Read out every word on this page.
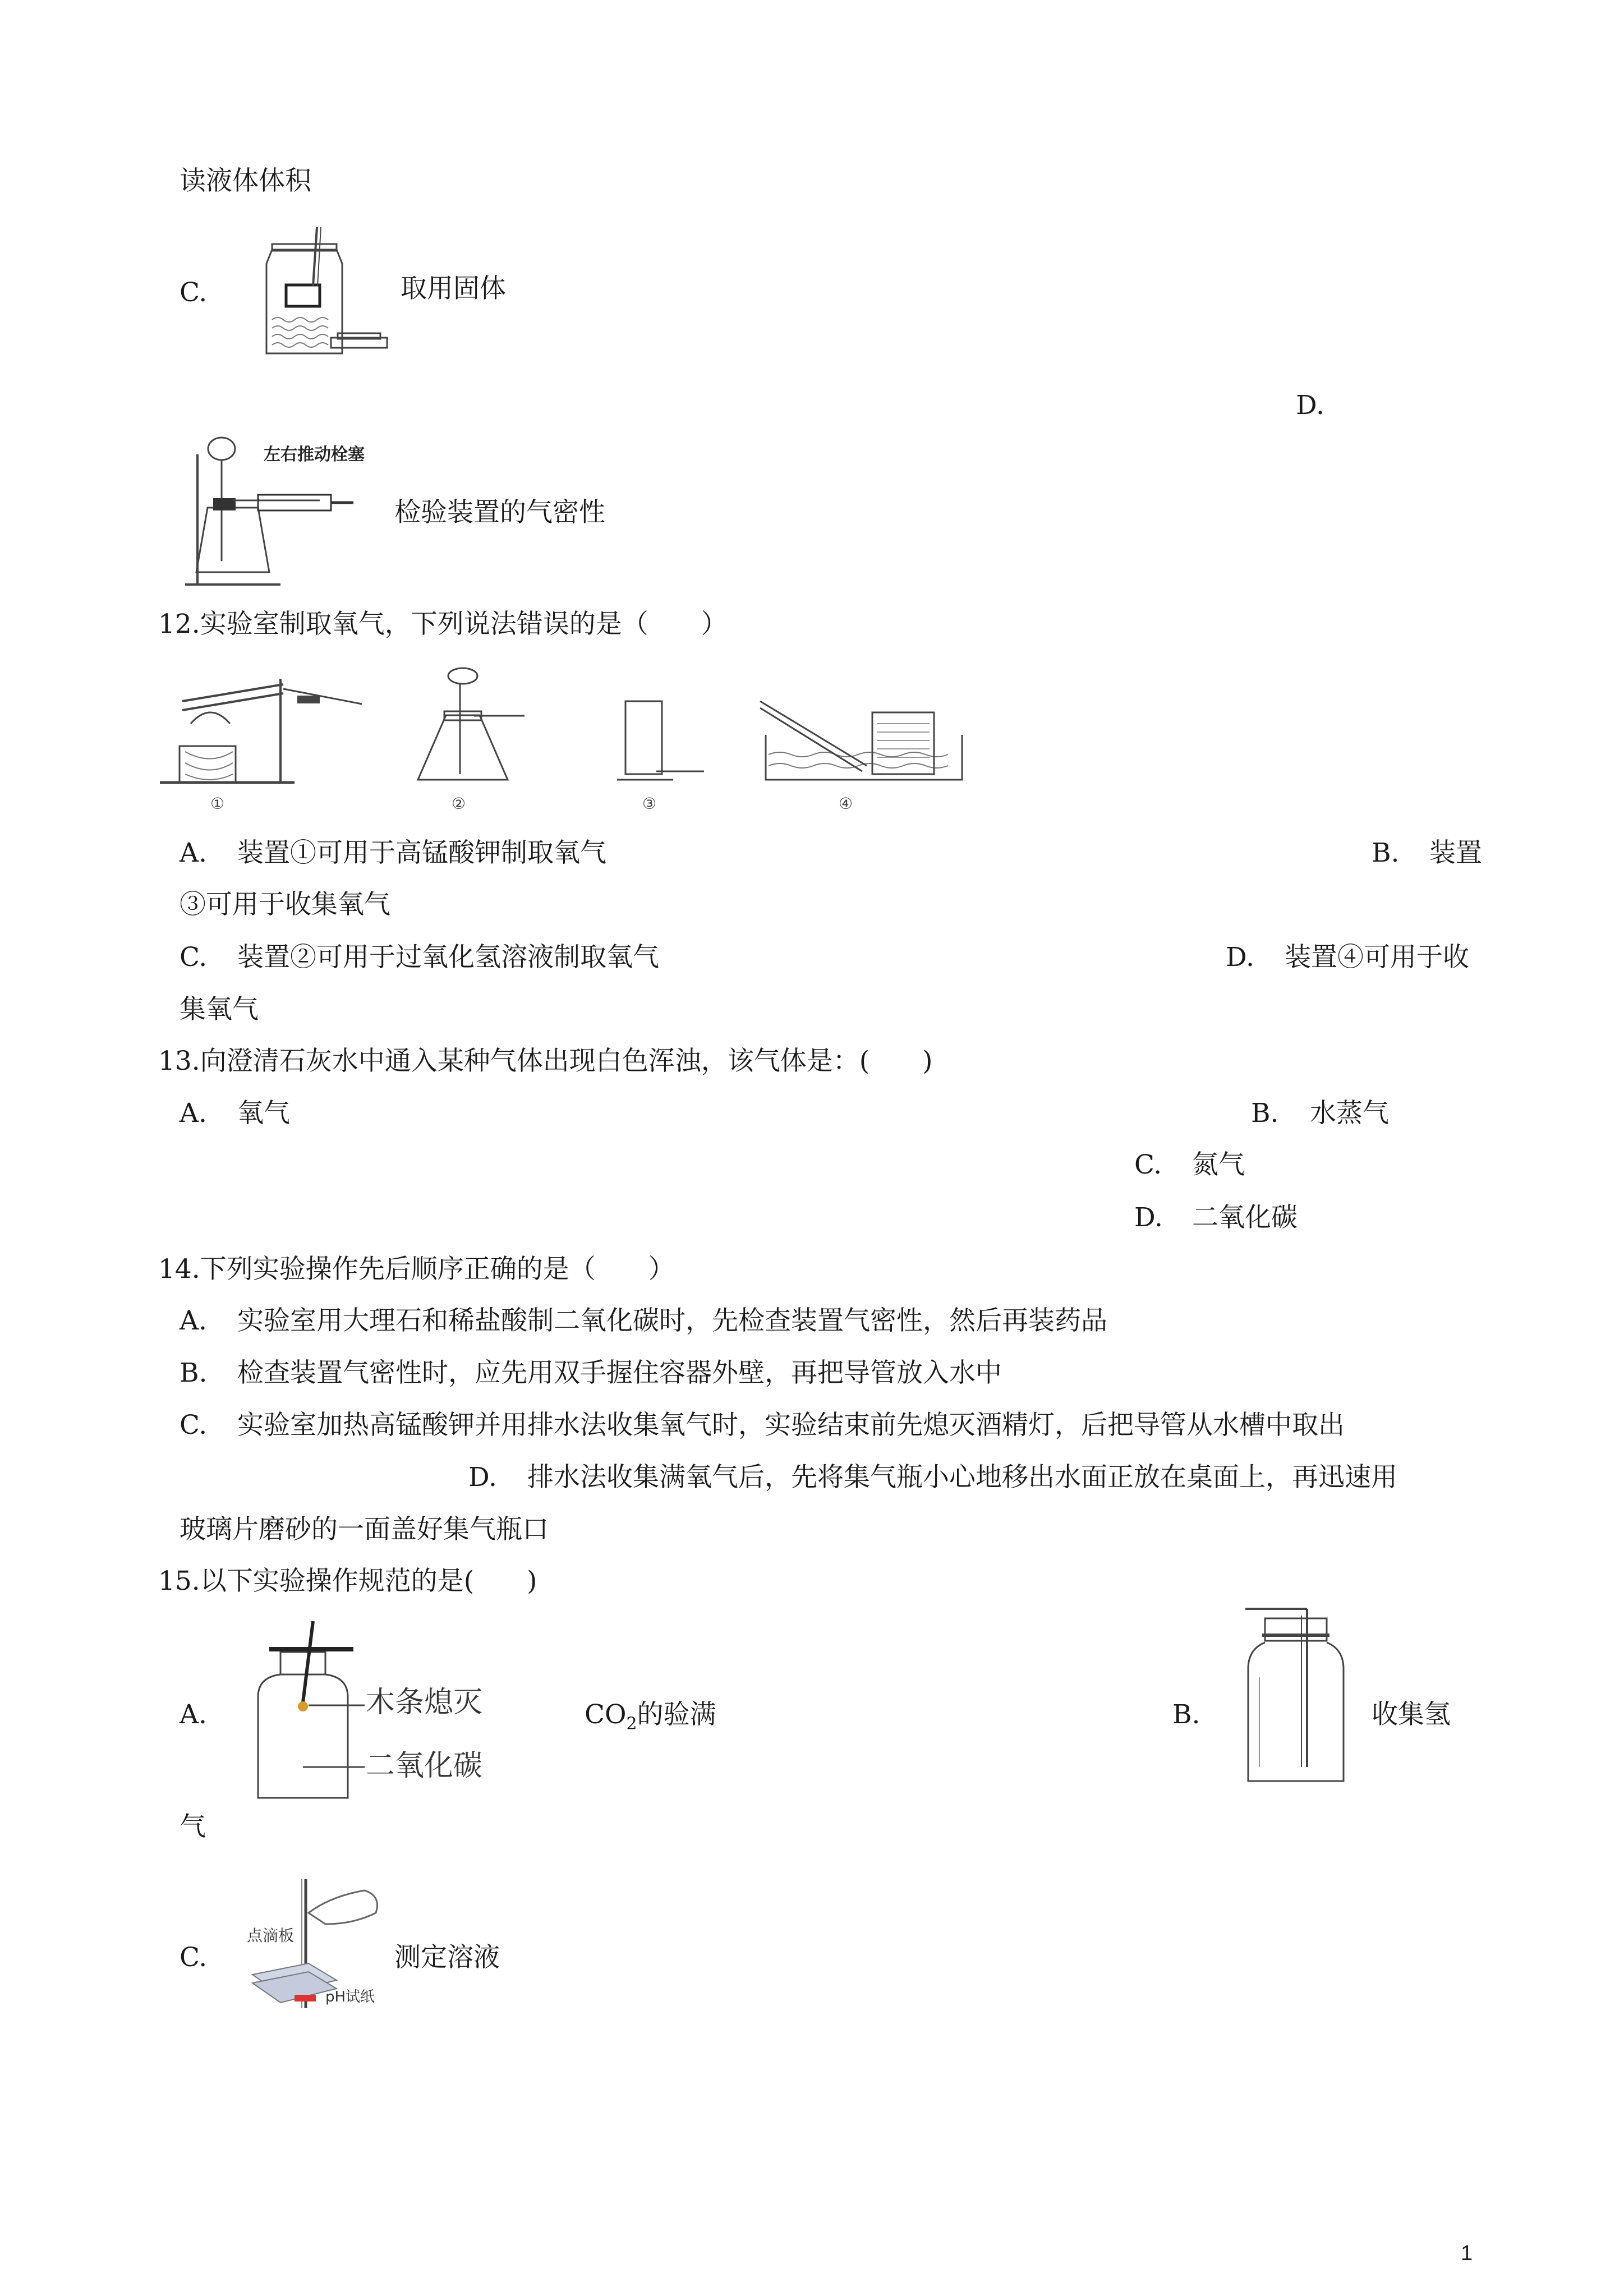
读液体体积
C.	取用固体
D.
左右推动栓塞
检验装置的气密性
12.实验室制取氧气，下列说法错误的是（　　）
①	②	③	④
A. 装置①可用于高锰酸钾制取氧气	B. 装置
③可用于收集氧气
C. 装置②可用于过氧化氢溶液制取氧气	D. 装置④可用于收
集氧气
13.向澄清石灰水中通入某种气体出现白色浑浊，该气体是：(　　)
A. 氧气	B. 水蒸气
C. 氮气
D. 二氧化碳
14.下列实验操作先后顺序正确的是（　　）
A. 实验室用大理石和稀盐酸制二氧化碳时，先检查装置气密性，然后再装药品
B. 检查装置气密性时，应先用双手握住容器外壁，再把导管放入水中
C. 实验室加热高锰酸钾并用排水法收集氧气时，实验结束前先熄灭酒精灯，后把导管从水槽中取出
D. 排水法收集满氧气后，先将集气瓶小心地移出水面正放在桌面上，再迅速用
玻璃片磨砂的一面盖好集气瓶口
15.以下实验操作规范的是(　　)
A.	木条熄灭
二氧化碳
$CO_2$的验满	B.	收集氢
气
C.
点滴板
pH试纸
测定溶液
1
